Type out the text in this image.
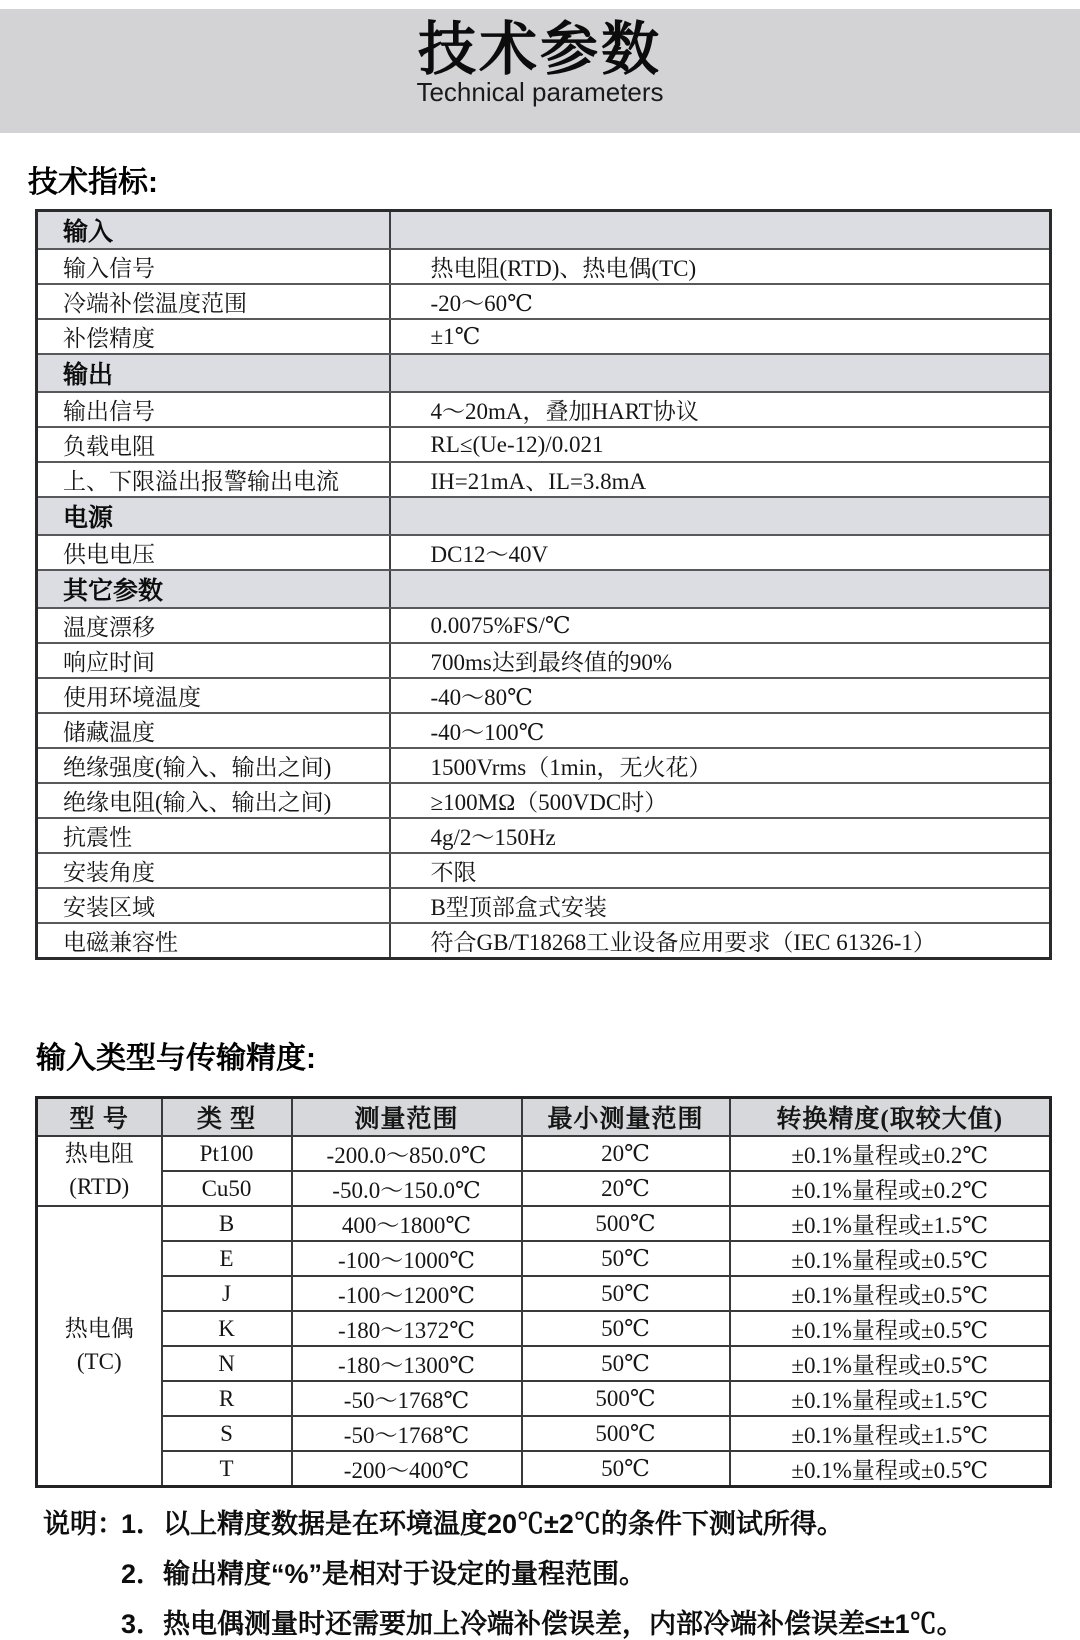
技术参数
Technical parameters
技术指标:
输入	
输入信号	热电阻(RTD)、热电偶(TC)
冷端补偿温度范围	-20～60℃
补偿精度	±1℃
输出	
输出信号	4～20mA，叠加HART协议
负载电阻	RL≤(Ue-12)/0.021
上、下限溢出报警输出电流	IH=21mA、IL=3.8mA
电源	
供电电压	DC12～40V
其它参数	
温度漂移	0.0075%FS/℃
响应时间	700ms达到最终值的90%
使用环境温度	-40～80℃
储藏温度	-40～100℃
绝缘强度(输入、输出之间)	1500Vrms（1min，无火花）
绝缘电阻(输入、输出之间)	≥100MΩ（500VDC时）
抗震性	4g/2～150Hz
安装角度	不限
安装区域	B型顶部盒式安装
电磁兼容性	符合GB/T18268工业设备应用要求（IEC 61326-1）
输入类型与传输精度:
型 号	类 型	测量范围	最小测量范围	转换精度(取较大值)

热电阻
(RTD)	Pt100	-200.0～850.0℃	20℃	±0.1%量程或±0.2℃
	Cu50	-50.0～150.0℃	20℃	±0.1%量程或±0.2℃

热电偶
(TC)	B	400～1800℃	500℃	±0.1%量程或±1.5℃
	E	-100～1000℃	50℃	±0.1%量程或±0.5℃
	J	-100～1200℃	50℃	±0.1%量程或±0.5℃
	K	-180～1372℃	50℃	±0.1%量程或±0.5℃
	N	-180～1300℃	50℃	±0.1%量程或±0.5℃
	R	-50～1768℃	500℃	±0.1%量程或±1.5℃
	S	-50～1768℃	500℃	±0.1%量程或±1.5℃
	T	-200～400℃	50℃	±0.1%量程或±0.5℃
说明：
1．以上精度数据是在环境温度20℃±2℃的条件下测试所得。
2．输出精度“%”是相对于设定的量程范围。
3．热电偶测量时还需要加上冷端补偿误差，内部冷端补偿误差≤±1℃。
